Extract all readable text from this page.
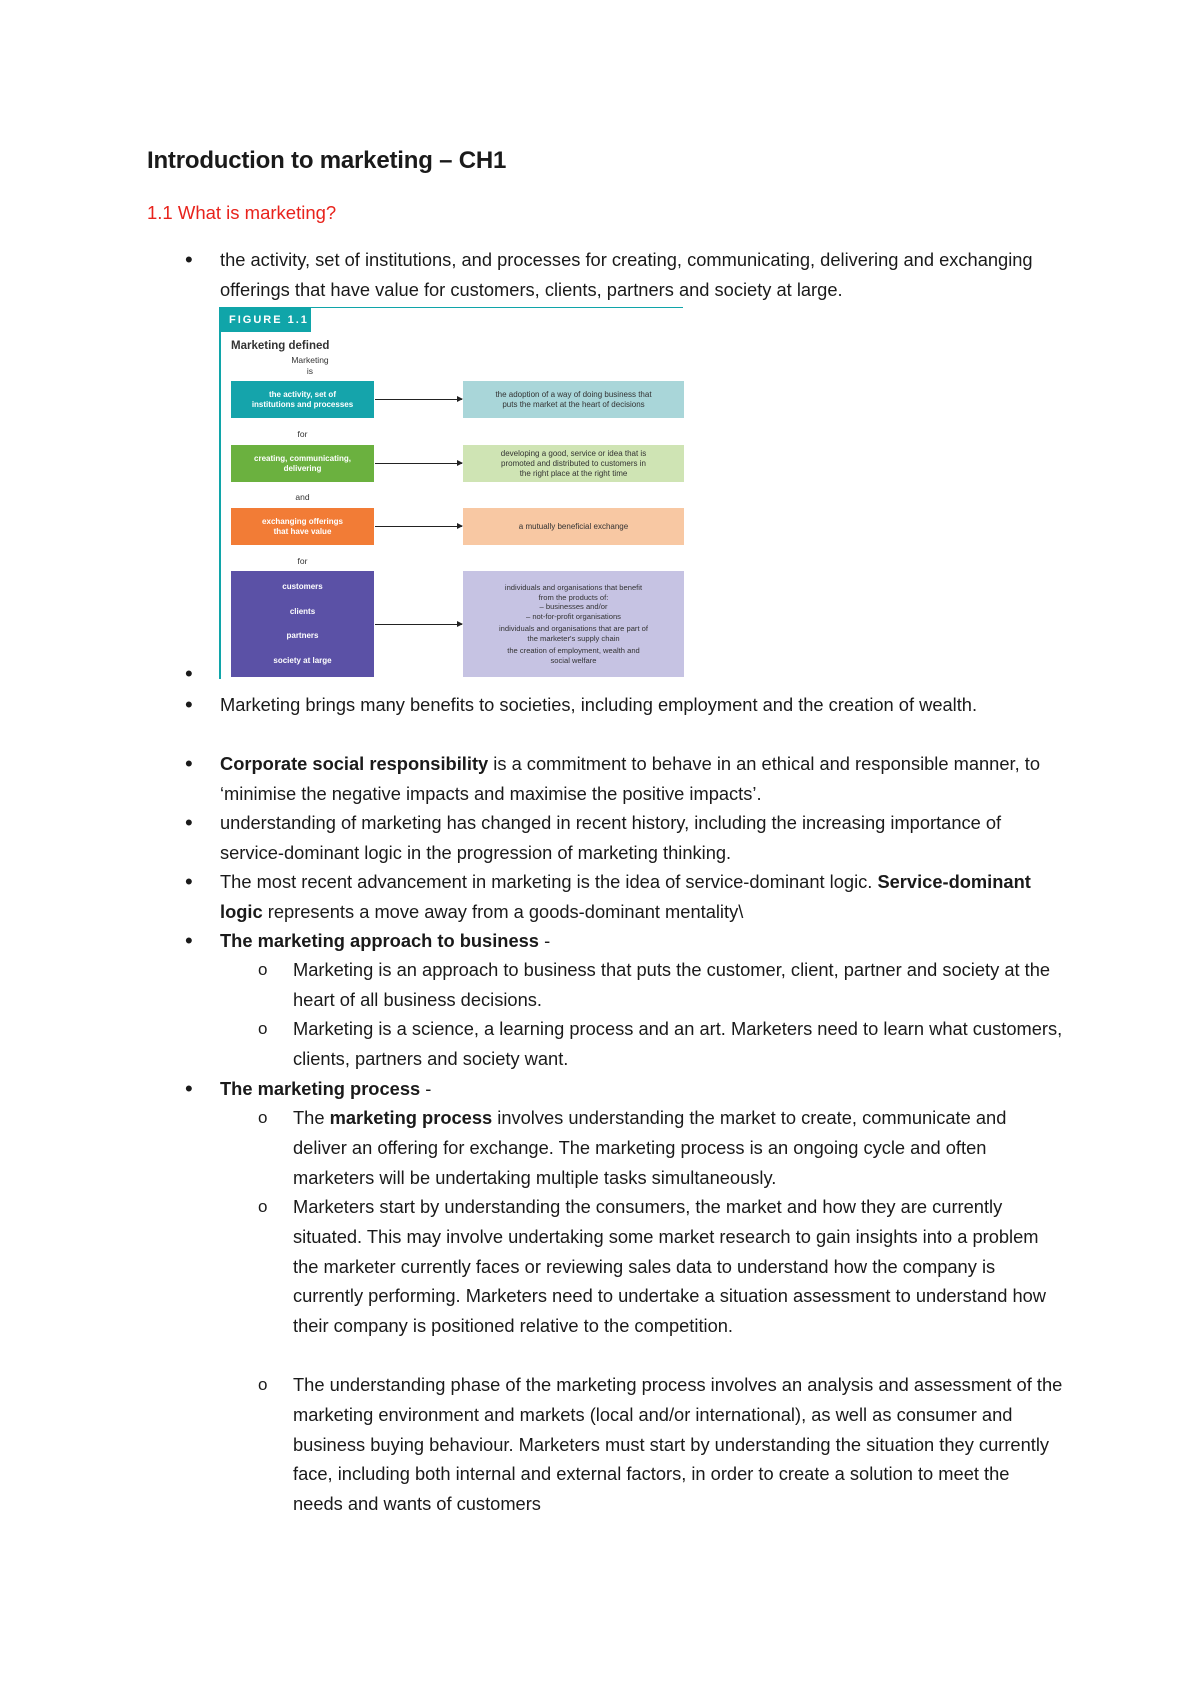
Introduction to marketing – CH1
1.1 What is marketing?
•
the activity, set of institutions, and processes for creating, communicating, delivering and exchanging offerings that have value for customers, clients, partners and society at large.
FIGURE 1.1
Marketing defined
Marketing
is
the activity, set of
institutions and processes
the adoption of a way of doing business that
puts the market at the heart of decisions
for
creating, communicating,
delivering
developing a good, service or idea that is
promoted and distributed to customers in
the right place at the right time
and
exchanging offerings
that have value
a mutually beneficial exchange
for
customers
clients
partners
society at large
individuals and organisations that benefit
from the products of:
– businesses and/or
– not-for-profit organisations
individuals and organisations that are part of
the marketer's supply chain
the creation of employment, wealth and
social welfare
•
•
Marketing brings many benefits to societies, including employment and the creation of wealth.
•
Corporate social responsibility is a commitment to behave in an ethical and responsible manner, to ‘minimise the negative impacts and maximise the positive impacts’.
•
understanding of marketing has changed in recent history, including the increasing importance of service-dominant logic in the progression of marketing thinking.
•
The most recent advancement in marketing is the idea of service-dominant logic. Service-dominant logic represents a move away from a goods-dominant mentality\
•
The marketing approach to business -
o
Marketing is an approach to business that puts the customer, client, partner and society at the heart of all business decisions.
o
Marketing is a science, a learning process and an art. Marketers need to learn what customers, clients, partners and society want.
•
The marketing process -
o
The marketing process involves understanding the market to create, communicate and deliver an offering for exchange. The marketing process is an ongoing cycle and often marketers will be undertaking multiple tasks simultaneously.
o
Marketers start by understanding the consumers, the market and how they are currently situated. This may involve undertaking some market research to gain insights into a problem the marketer currently faces or reviewing sales data to understand how the company is currently performing. Marketers need to undertake a situation assessment to understand how their company is positioned relative to the competition.
o
The understanding phase of the marketing process involves an analysis and assessment of the marketing environment and markets (local and/or international), as well as consumer and business buying behaviour. Marketers must start by understanding the situation they currently face, including both internal and external factors, in order to create a solution to meet the needs and wants of customers
